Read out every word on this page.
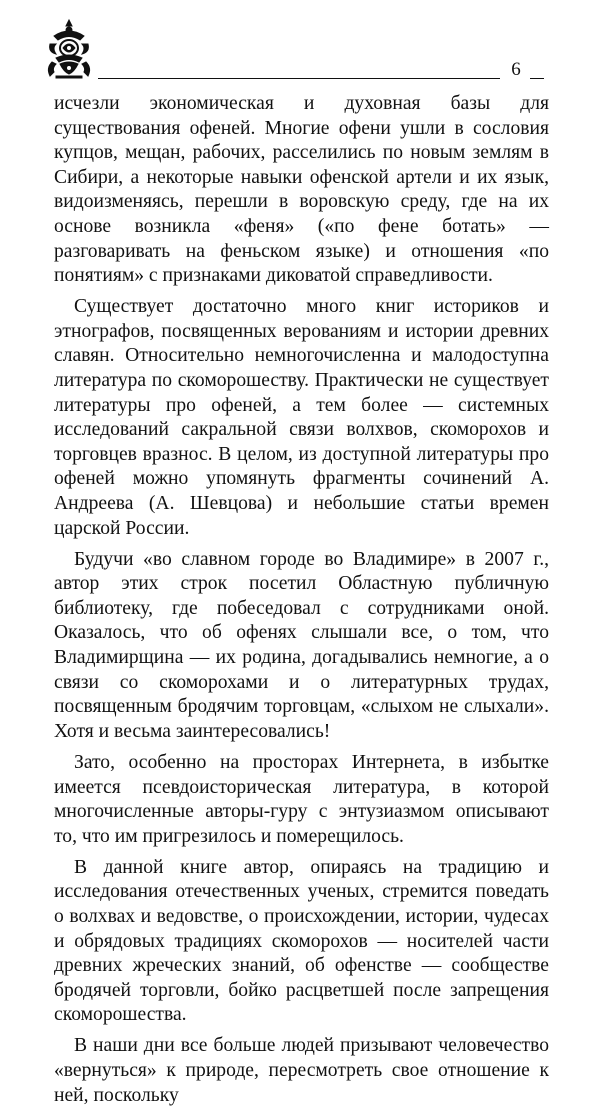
6

исчезли экономическая и духовная базы для существования офеней. Многие офени ушли в сословия купцов, мещан, рабочих, расселились по новым землям в Сибири, а некоторые навыки офенской артели и их язык, видоизменяясь, перешли в воровскую среду, где на их основе возникла «феня» («по фене ботать» — разговаривать на феньском языке) и отношения «по понятиям» с признаками диковатой справедливости.

Существует достаточно много книг историков и этнографов, посвященных верованиям и истории древних славян. Относительно немногочисленна и малодоступна литература по скоморошеству. Практически не существует литературы про офеней, а тем более — системных исследований сакральной связи волхвов, скоморохов и торговцев вразнос. В целом, из доступной литературы про офеней можно упомянуть фрагменты сочинений А. Андреева (А. Шевцова) и небольшие статьи времен царской России.

Будучи «во славном городе во Владимире» в 2007 г., автор этих строк посетил Областную публичную библиотеку, где побеседовал с сотрудниками оной. Оказалось, что об офенях слышали все, о том, что Владимирщина — их родина, догадывались немногие, а о связи со скоморохами и о литературных трудах, посвященным бродячим торговцам, «слыхом не слыхали». Хотя и весьма заинтересовались!

Зато, особенно на просторах Интернета, в избытке имеется псевдоисторическая литература, в которой многочисленные авторы-гуру с энтузиазмом описывают то, что им пригрезилось и померещилось.

В данной книге автор, опираясь на традицию и исследования отечественных ученых, стремится поведать о волхвах и ведовстве, о происхождении, истории, чудесах и обрядовых традициях скоморохов — носителей части древних жреческих знаний, об офенстве — сообществе бродячей торговли, бойко расцветшей после запрещения скоморошества.

В наши дни все больше людей призывают человечество «вернуться» к природе, пересмотреть свое отношение к ней, поскольку
